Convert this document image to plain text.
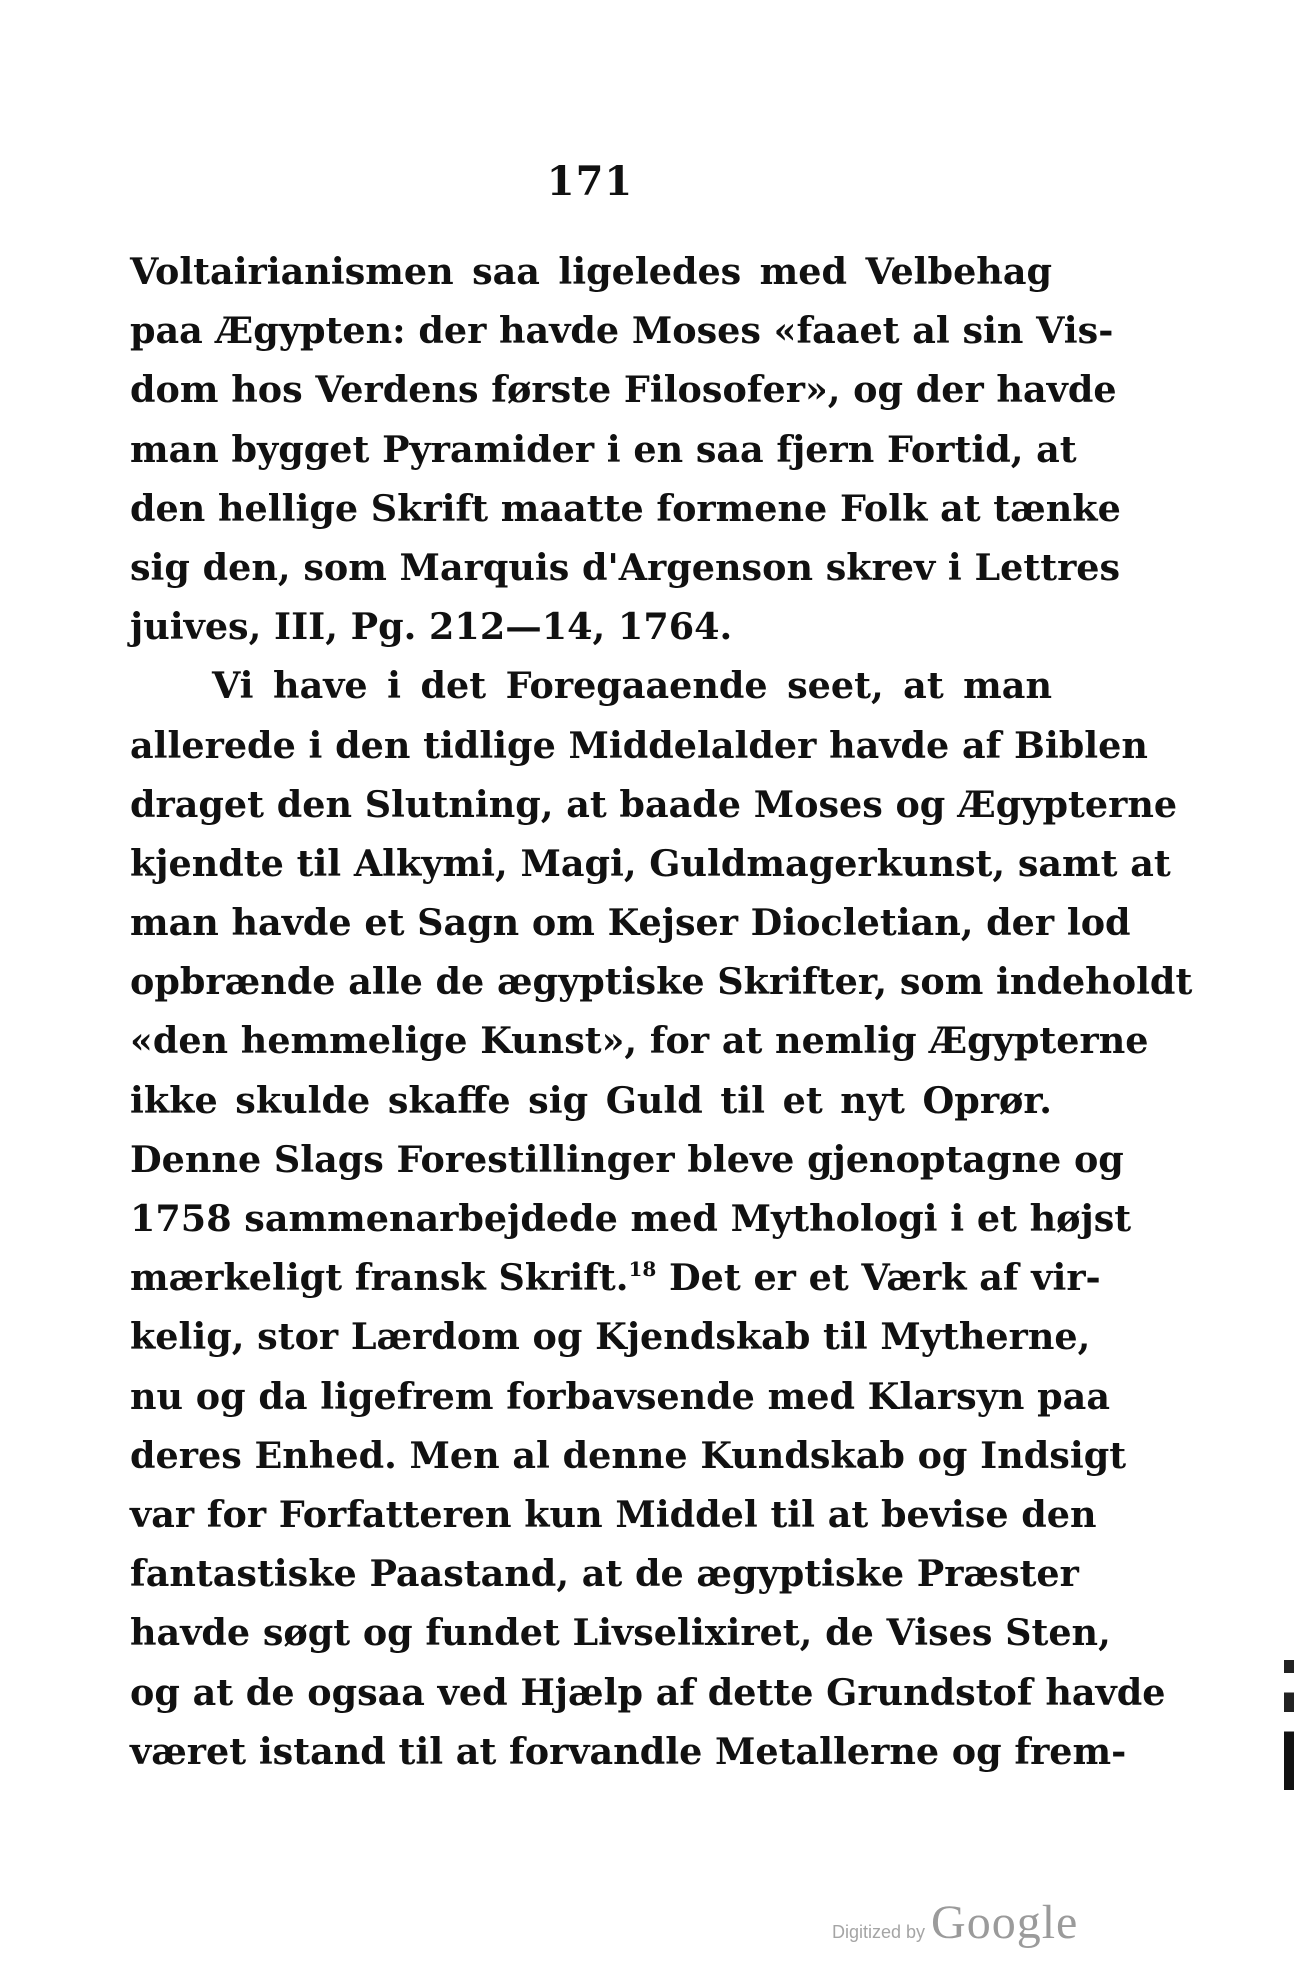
171
Voltairianismen saa ligeledes med Velbehag
paa Ægypten: der havde Moses «faaet al sin Vis-
dom hos Verdens første Filosofer», og der havde
man bygget Pyramider i en saa fjern Fortid, at
den hellige Skrift maatte formene Folk at tænke
sig den, som Marquis d'Argenson skrev i Lettres
juives, III, Pg. 212—14, 1764.
Vi have i det Foregaaende seet, at man
allerede i den tidlige Middelalder havde af Biblen
draget den Slutning, at baade Moses og Ægypterne
kjendte til Alkymi, Magi, Guldmagerkunst, samt at
man havde et Sagn om Kejser Diocletian, der lod
opbrænde alle de ægyptiske Skrifter, som indeholdt
«den hemmelige Kunst», for at nemlig Ægypterne
ikke skulde skaffe sig Guld til et nyt Oprør.
Denne Slags Forestillinger bleve gjenoptagne og
1758 sammenarbejdede med Mythologi i et højst
mærkeligt fransk Skrift.$^{18}$ Det er et Værk af vir-
kelig, stor Lærdom og Kjendskab til Mytherne,
nu og da ligefrem forbavsende med Klarsyn paa
deres Enhed. Men al denne Kundskab og Indsigt
var for Forfatteren kun Middel til at bevise den
fantastiske Paastand, at de ægyptiske Præster
havde søgt og fundet Livselixiret, de Vises Sten,
og at de ogsaa ved Hjælp af dette Grundstof havde
været istand til at forvandle Metallerne og frem-
Digitized by Google
